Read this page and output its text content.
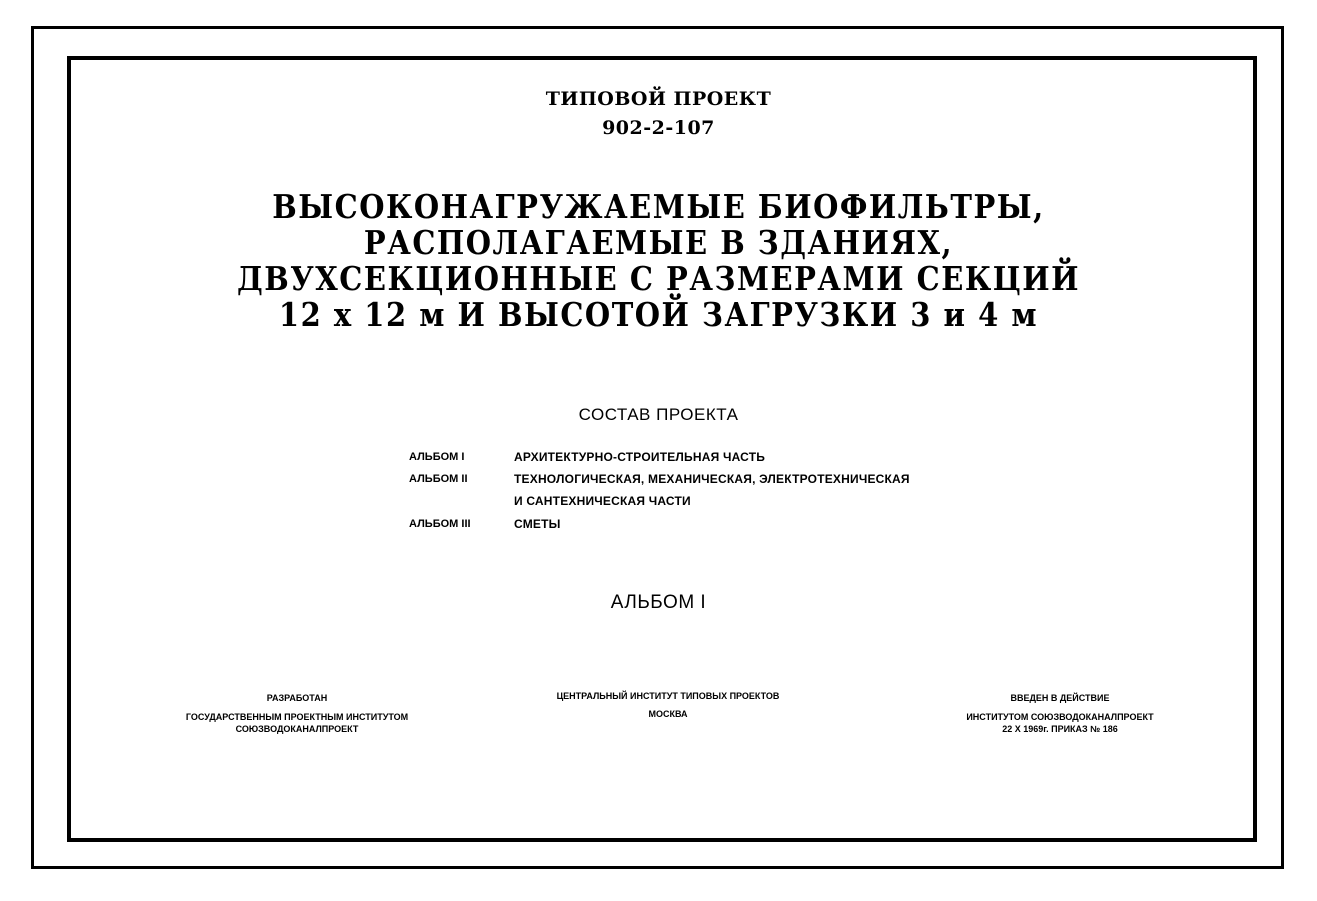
ТИПОВОЙ ПРОЕКТ
902-2-107
ВЫСОКОНАГРУЖАЕМЫЕ БИОФИЛЬТРЫ,
РАСПОЛАГАЕМЫЕ В ЗДАНИЯХ,
ДВУХСЕКЦИОННЫЕ С РАЗМЕРАМИ СЕКЦИЙ
12 х 12 м И ВЫСОТОЙ ЗАГРУЗКИ 3 и 4 м
СОСТАВ ПРОЕКТА
АЛЬБОМ I	АРХИТЕКТУРНО-СТРОИТЕЛЬНАЯ ЧАСТЬ
АЛЬБОМ II	ТЕХНОЛОГИЧЕСКАЯ, МЕХАНИЧЕСКАЯ, ЭЛЕКТРОТЕХНИЧЕСКАЯ
И САНТЕХНИЧЕСКАЯ ЧАСТИ
АЛЬБОМ III	СМЕТЫ
АЛЬБОМ I
РАЗРАБОТАН
ГОСУДАРСТВЕННЫМ ПРОЕКТНЫМ ИНСТИТУТОМ
СОЮЗВОДОКАНАЛПРОЕКТ
ЦЕНТРАЛЬНЫЙ ИНСТИТУТ ТИПОВЫХ ПРОЕКТОВ
МОСКВА
ВВЕДЕН В ДЕЙСТВИЕ
ИНСТИТУТОМ СОЮЗВОДОКАНАЛПРОЕКТ
22 X 1969г. ПРИКАЗ № 186
